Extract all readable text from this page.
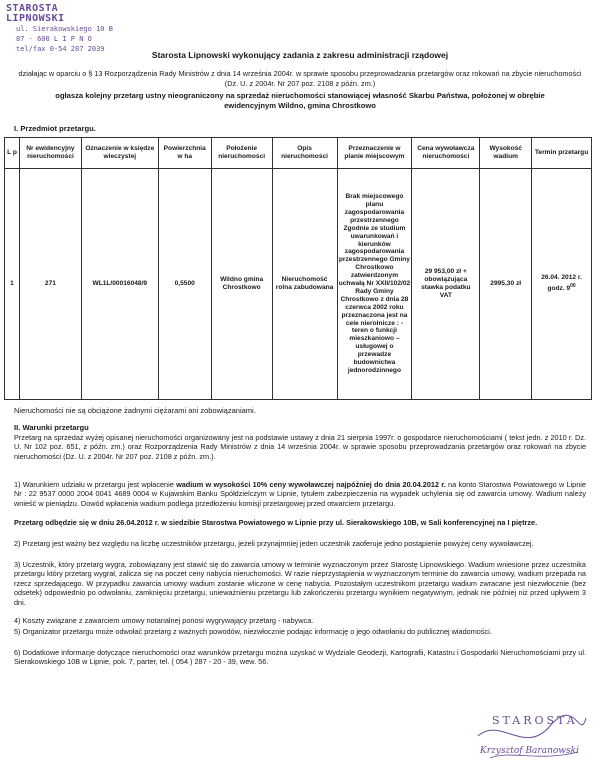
STAROSTA LIPNOWSKI
ul. Sierakowskiego 10 B
87 - 600 L I P N O
tel/fax 0-54 287 2039
Starosta Lipnowski wykonujący zadania z zakresu administracji rządowej
działając w oparciu o § 13 Rozporządzenia Rady Ministrów z dnia 14 września 2004r. w sprawie sposobu przeprowadzania przetargów oraz rokowań na zbycie nieruchomości (Dz. U. z 2004r. Nr 207 poz. 2108 z późn. zm.)
ogłasza kolejny przetarg ustny nieograniczony na sprzedaż nieruchomości stanowiącej własność Skarbu Państwa, położonej w obrębie ewidencyjnym Wildno, gmina Chrostkowo
I. Przedmiot przetargu.
L p	Nr ewidencyjny nieruchomości	Oznaczenie w księdze wieczystej	Powierzchnia w ha	Położenie nieruchomości	Opis nieruchomości	Przeznaczenie w planie miejscowym	Cena wywoławcza nieruchomości	Wysokość wadium	Termin przetargu
1	271	WL1L/00016048/9	0,5500	Wildno gmina Chrostkowo	Nieruchomość rolna zabudowana	Brak miejscowego planu zagospodarowania przestrzennego Zgodnie ze studium uwarunkowań i kierunków zagospodarowania przestrzennego Gminy Chrostkowo zatwierdzonym uchwałą Nr XXII/102/02 Rady Gminy Chrostkowo z dnia 28 czerwca 2002 roku przeznaczona jest na cele nierolnicze : - teren o funkcji mieszkaniowo – usługowej o przewadze budownictwa jednorodzinnego	29 953,00 zł + obowiązująca stawka podatku VAT	2995,30 zł	26.04. 2012 r. godz. $9^{00}$
Nieruchomości nie są obciążone żadnymi ciężarami ani zobowiązaniami.
II. Warunki przetargu

Przetarg na sprzedaż wyżej opisanej nieruchomości organizowany jest na podstawie ustawy z dnia 21 sierpnia 1997r. o gospodarce nieruchomościami ( tekst jedn. z 2010 r. Dz. U. Nr 102 poz. 651, z późn. zm.) oraz Rozporządzenia Rady Ministrów z dnia 14 września 2004r. w sprawie sposobu przeprowadzania przetargów oraz rokowań na zbycie nieruchomości (Dz. U. z 2004r. Nr 207 poz. 2108 z późn. zm.).

1) Warunkiem udziału w przetargu jest wpłacenie wadium w wysokości 10% ceny wywoławczej najpóźniej do dnia 20.04.2012 r. na konto Starostwa Powiatowego w Lipnie Nr : 22 9537 0000 2004 0041 4689 0004 w Kujawskim Banku Spółdzielczym w Lipnie, tytułem zabezpieczenia na wypadek uchylenia się od zawarcia umowy. Wadium należy wnieść w pieniądzu. Dowód wpłacenia wadium podlega przedłożeniu komisji przetargowej przed otwarciem przetargu.

Przetarg odbędzie się w dniu 26.04.2012 r. w siedzibie Starostwa Powiatowego w Lipnie przy ul. Sierakowskiego 10B, w Sali konferencyjnej na I piętrze.

2) Przetarg jest ważny bez względu na liczbę uczestników przetargu, jeżeli przynajmniej jeden uczestnik zaoferuje jedno postąpienie powyżej ceny wywoławczej.

3) Uczestnik, który przetarg wygra, zobowiązany jest stawić się do zawarcia umowy w terminie wyznaczonym przez Starostę Lipnowskiego. Wadium wniesione przez uczestnika przetargu który przetarg wygrał, zalicza się na poczet ceny nabycia nieruchomości. W razie nieprzystąpienia w wyznaczonym terminie do zawarcia umowy, wadium przepada na rzecz sprzedającego. W przypadku zawarcia umowy wadium zostanie wliczone w cenę nabycia. Pozostałym uczestnikom przetargu wadium zwracane jest niezwłocznie (bez odsetek) odpowiednio po odwołaniu, zamknięciu przetargu, unieważnieniu przetargu lub zakończeniu przetargu wynikiem negatywnym, jednak nie później niż przed upływem 3 dni.

4) Koszty związane z zawarciem umowy notarialnej ponosi wygrywający przetarg - nabywca.

5) Organizator przetargu może odwołać przetarg z ważnych powodów, niezwłocznie podając informację o jego odwołaniu do publicznej wiadomości.

6) Dodatkowe informacje dotyczące nieruchomości oraz warunków przetargu można uzyskać w Wydziale Geodezji, Kartografii, Katastru i Gospodarki Nieruchomościami przy ul. Sierakowskiego 10B w Lipnie, pok. 7, parter, tel. ( 054 ) 287 - 20 - 39, wew. 56.

STAROSTA
Krzysztof Baranowski
